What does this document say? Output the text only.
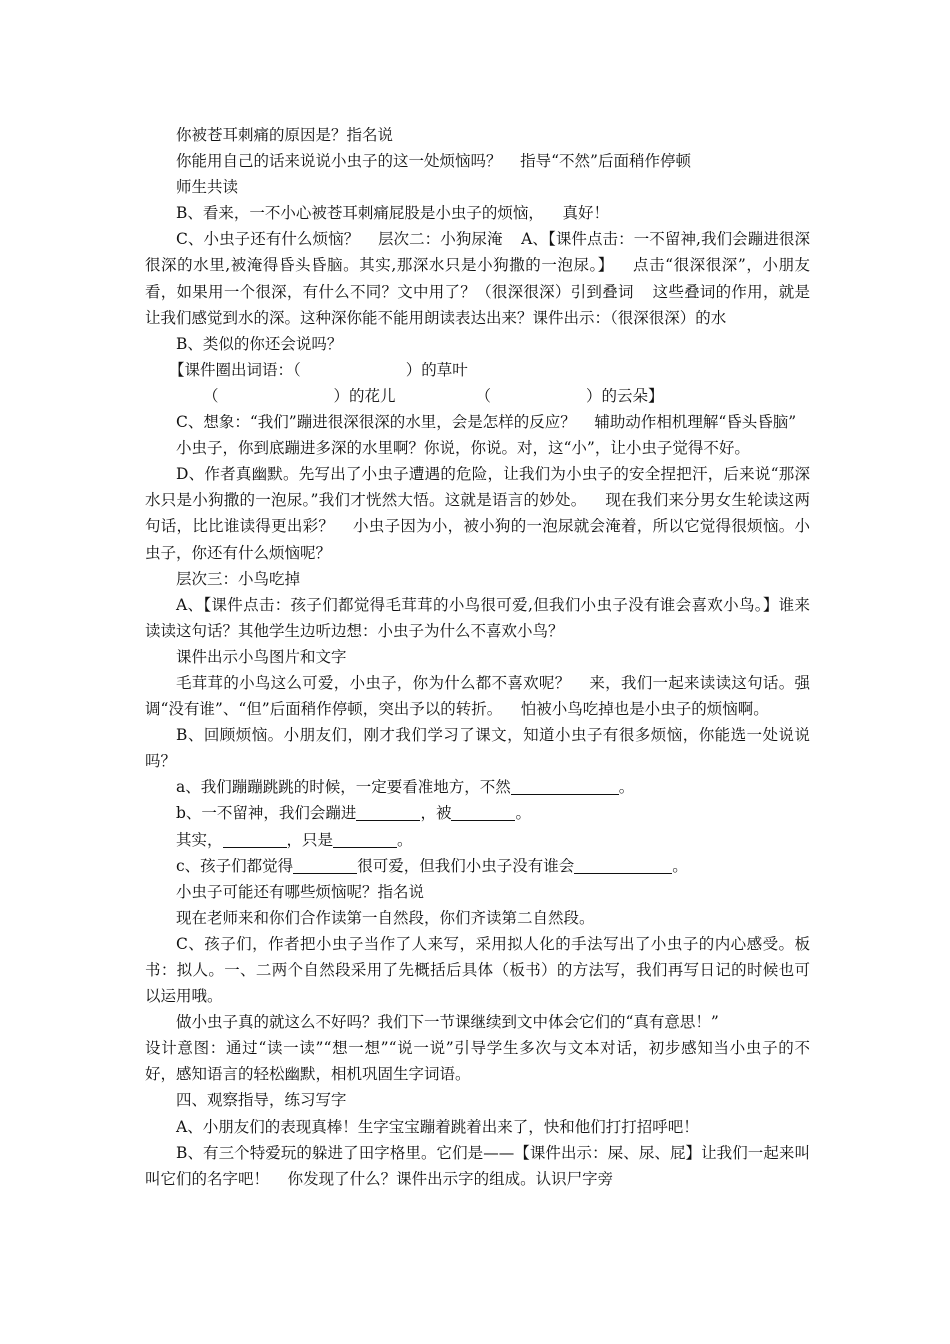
你被苍耳刺痛的原因是？指名说

你能用自己的话来说说小虫子的这一处烦恼吗？ 指导“不然”后面稍作停顿

师生共读

B、看来，一不小心被苍耳刺痛屁股是小虫子的烦恼， 真好！

C、小虫子还有什么烦恼？ 层次二：小狗尿淹 A、【课件点击：一不留神,我们会蹦进很深很深的水里,被淹得昏头昏脑。其实,那深水只是小狗撒的一泡尿。】 点击“很深很深”，小朋友看，如果用一个很深，有什么不同？文中用了？（很深很深）引到叠词 这些叠词的作用，就是让我们感觉到水的深。这种深你能不能用朗读表达出来？课件出示：（很深很深）的水

B、类似的你还会说吗？

【课件圈出词语：（	）的草叶

（	）的花儿	（	）的云朵】

C、想象：“我们”蹦进很深很深的水里，会是怎样的反应？ 辅助动作相机理解“昏头昏脑”

小虫子，你到底蹦进多深的水里啊？你说，你说。对，这“小”，让小虫子觉得不好。

D、作者真幽默。先写出了小虫子遭遇的危险，让我们为小虫子的安全捏把汗，后来说“那深水只是小狗撒的一泡尿。”我们才恍然大悟。这就是语言的妙处。 现在我们来分男女生轮读这两句话，比比谁读得更出彩？ 小虫子因为小，被小狗的一泡尿就会淹着，所以它觉得很烦恼。小虫子，你还有什么烦恼呢？

层次三：小鸟吃掉

A、【课件点击：孩子们都觉得毛茸茸的小鸟很可爱,但我们小虫子没有谁会喜欢小鸟。】谁来读读这句话？其他学生边听边想：小虫子为什么不喜欢小鸟？

课件出示小鸟图片和文字

毛茸茸的小鸟这么可爱，小虫子，你为什么都不喜欢呢？ 来，我们一起来读读这句话。强调“没有谁”、“但”后面稍作停顿，突出予以的转折。 怕被小鸟吃掉也是小虫子的烦恼啊。

B、回顾烦恼。小朋友们，刚才我们学习了课文，知道小虫子有很多烦恼，你能选一处说说吗？

a、我们蹦蹦跳跳的时候，一定要看准地方，不然	。

b、一不留神，我们会蹦进	，被	。

其实，	，只是	。

c、孩子们都觉得	很可爱，但我们小虫子没有谁会	。

小虫子可能还有哪些烦恼呢？指名说

现在老师来和你们合作读第一自然段，你们齐读第二自然段。

C、孩子们，作者把小虫子当作了人来写，采用拟人化的手法写出了小虫子的内心感受。板书：拟人。一、二两个自然段采用了先概括后具体（板书）的方法写，我们再写日记的时候也可以运用哦。

做小虫子真的就这么不好吗？我们下一节课继续到文中体会它们的“真有意思！”

设计意图：通过“读一读”“想一想”“说一说”引导学生多次与文本对话，初步感知当小虫子的不好，感知语言的轻松幽默，相机巩固生字词语。

四、观察指导，练习写字

A、小朋友们的表现真棒！生字宝宝蹦着跳着出来了，快和他们打打招呼吧！

B、有三个特爱玩的躲进了田字格里。它们是——【课件出示：屎、尿、屁】让我们一起来叫叫它们的名字吧！ 你发现了什么？课件出示字的组成。认识尸字旁
